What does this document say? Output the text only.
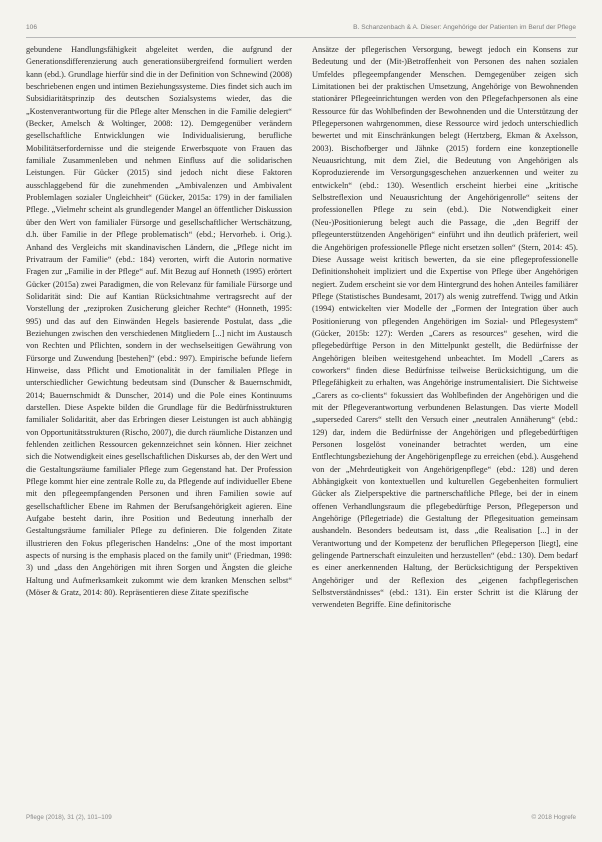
106	B. Schanzenbach & A. Dieser: Angehörige der Patienten im Beruf der Pflege

gebundene Handlungsfähigkeit abgeleitet werden, die aufgrund der Generationsdifferenzierung auch generationsübergreifend formuliert werden kann (ebd.). Grundlage hierfür sind die in der Definition von Schnewind (2008) beschriebenen engen und intimen Beziehungssysteme. Dies findet sich auch im Subsidiaritätsprinzip des deutschen Sozialsystems wieder, das die „Kostenverantwortung für die Pflege alter Menschen in die Familie delegiert“ (Becker, Amelsch & Woltinger, 2008: 12). Demgegenüber verändern gesellschaftliche Entwicklungen wie Individualisierung, berufliche Mobilitätserfordernisse und die steigende Erwerbsquote von Frauen das familiale Zusammenleben und nehmen Einfluss auf die solidarischen Leistungen. Für Gücker (2015) sind jedoch nicht diese Faktoren ausschlaggebend für die zunehmenden „Ambivalenzen und Ambivalent Problemlagen sozialer Ungleichheit“ (Gücker, 2015a: 179) in der familialen Pflege. „Vielmehr scheint als grundlegender Mangel an öffentlicher Diskussion über den Wert von familialer Fürsorge und gesellschaftlicher Wertschätzung, d.h. über Familie in der Pflege problematisch“ (ebd.; Hervorheb. i. Orig.). Anhand des Vergleichs mit skandinavischen Ländern, die „Pflege nicht im Privatraum der Familie“ (ebd.: 184) verorten, wirft die Autorin normative Fragen zur „Familie in der Pflege“ auf. Mit Bezug auf Honneth (1995) erörtert Gücker (2015a) zwei Paradigmen, die von Relevanz für familiale Fürsorge und Solidarität sind: Die auf Kantian Rücksichtnahme vertragsrecht auf der Vorstellung der „reziproken Zusicherung gleicher Rechte“ (Honneth, 1995: 995) und das auf den Einwänden Hegels basierende Postulat, dass „die Beziehungen zwischen den verschiedenen Mitgliedern [...] nicht im Austausch von Rechten und Pflichten, sondern in der wechselseitigen Gewährung von Fürsorge und Zuwendung [bestehen]“ (ebd.: 997). Empirische befunde liefern Hinweise, dass Pflicht und Emotionalität in der familialen Pflege in unterschiedlicher Gewichtung bedeutsam sind (Dunscher & Bauernschmidt, 2014; Bauernschmidt & Dunscher, 2014) und die Pole eines Kontinuums darstellen. Diese Aspekte bilden die Grundlage für die Bedürfnisstrukturen familialer Solidarität, aber das Erbringen dieser Leistungen ist auch abhängig von Opportunitätsstrukturen (Rischo, 2007), die durch räumliche Distanzen und fehlenden zeitlichen Ressourcen gekennzeichnet sein können. Hier zeichnet sich die Notwendigkeit eines gesellschaftlichen Diskurses ab, der den Wert und die Gestaltungsräume familialer Pflege zum Gegenstand hat. Der Profession Pflege kommt hier eine zentrale Rolle zu, da Pflegende auf individueller Ebene mit den pflegeempfangenden Personen und ihren Familien sowie auf gesellschaftlicher Ebene im Rahmen der Berufsangehörigkeit agieren. Eine Aufgabe besteht darin, ihre Position und Bedeutung innerhalb der Gestaltungsräume familialer Pflege zu definieren. Die folgenden Zitate illustrieren den Fokus pflegerischen Handelns: „One of the most important aspects of nursing is the emphasis placed on the family unit“ (Friedman, 1998: 3) und „dass den Angehörigen mit ihren Sorgen und Ängsten die gleiche Haltung und Aufmerksamkeit zukommt wie dem kranken Menschen selbst“ (Möser & Gratz, 2014: 80). Repräsentieren diese Zitate spezifische

Ansätze der pflegerischen Versorgung, bewegt jedoch ein Konsens zur Bedeutung und der (Mit-)Betroffenheit von Personen des nahen sozialen Umfeldes pflegeempfangender Menschen. Demgegenüber zeigen sich Limitationen bei der praktischen Umsetzung, Angehörige von Bewohnenden stationärer Pflegeeinrichtungen werden von den Pflegefachpersonen als eine Ressource für das Wohlbefinden der Bewohnenden und die Unterstützung der Pflegepersonen wahrgenommen, diese Ressource wird jedoch unterschiedlich bewertet und mit Einschränkungen belegt (Hertzberg, Ekman & Axelsson, 2003). Bischofberger und Jähnke (2015) fordern eine konzeptionelle Neuausrichtung, mit dem Ziel, die Bedeutung von Angehörigen als Koproduzierende im Versorgungsgeschehen anzuerkennen und weiter zu entwickeln“ (ebd.: 130). Wesentlich erscheint hierbei eine „kritische Selbstreflexion und Neuausrichtung der Angehörigenrolle“ seitens der professionellen Pflege zu sein (ebd.). Die Notwendigkeit einer (Neu-)Positionierung belegt auch die Passage, die „den Begriff der pflegeunterstützenden Angehörigen“ einführt und ihn deutlich präferiert, weil die Angehörigen professionelle Pflege nicht ersetzen sollen“ (Stern, 2014: 45). Diese Aussage weist kritisch bewerten, da sie eine pflegeprofessionelle Definitionshoheit impliziert und die Expertise von Pflege über Angehörigen negiert. Zudem erscheint sie vor dem Hintergrund des hohen Anteiles familiärer Pflege (Statistisches Bundesamt, 2017) als wenig zutreffend. Twigg und Atkin (1994) entwickelten vier Modelle der „Formen der Integration über auch Positionierung von pflegenden Angehörigen im Sozial- und Pflegesystem“ (Gücker, 2015b: 127): Werden „Carers as resources“ gesehen, wird die pflegebedürftige Person in den Mittelpunkt gestellt, die Bedürfnisse der Angehörigen bleiben weitestgehend unbeachtet. Im Modell „Carers as coworkers“ finden diese Bedürfnisse teilweise Berücksichtigung, um die Pflegefähigkeit zu erhalten, was Angehörige instrumentalisiert. Die Sichtweise „Carers as co-clients“ fokussiert das Wohlbefinden der Angehörigen und die mit der Pflegeverantwortung verbundenen Belastungen. Das vierte Modell „superseded Carers“ stellt den Versuch einer „neutralen Annäherung“ (ebd.: 129) dar, indem die Bedürfnisse der Angehörigen und pflegebedürftigen Personen losgelöst voneinander betrachtet werden, um eine Entflechtungsbeziehung der Angehörigenpflege zu erreichen (ebd.). Ausgehend von der „Mehrdeutigkeit von Angehörigenpflege“ (ebd.: 128) und deren Abhängigkeit von kontextuellen und kulturellen Gegebenheiten formuliert Gücker als Zielperspektive die partnerschaftliche Pflege, bei der in einem offenen Verhandlungsraum die pflegebedürftige Person, Pflegeperson und Angehörige (Pflegetriade) die Gestaltung der Pflegesituation gemeinsam aushandeln. Besonders bedeutsam ist, dass „die Realisation [...] in der Verantwortung und der Kompetenz der beruflichen Pflegeperson [liegt], eine gelingende Partnerschaft einzuleiten und herzustellen“ (ebd.: 130). Dem bedarf es einer anerkennenden Haltung, der Berücksichtigung der Perspektiven Angehöriger und der Reflexion des „eigenen fachpflegerischen Selbstverständnisses“ (ebd.: 131). Ein erster Schritt ist die Klärung der verwendeten Begriffe. Eine definitorische

Pflege (2018), 31 (2), 101–109	© 2018 Hogrefe
